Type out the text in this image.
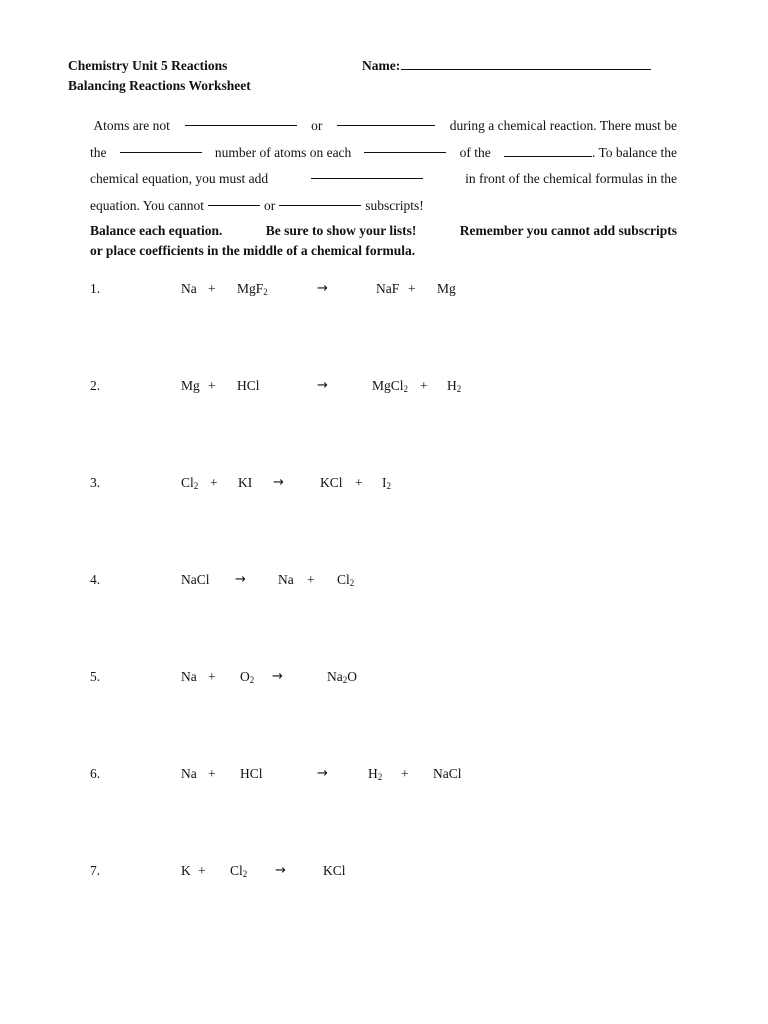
Chemistry Unit 5 Reactions
Balancing Reactions Worksheet
Name:
Atoms are not	or	during a chemical reaction. There must be
the	number of atoms on each	of the	. To balance the
chemical equation, you must add	in front of the chemical formulas in the
equation. You cannot	or	subscripts!
Balance each equation.	Be sure to show your lists!	Remember you cannot add subscripts
or place coefficients in the middle of a chemical formula.
1.	Na + MgF$_2$	→	NaF + Mg
2.	Mg + HCl	→	MgCl$_2$ + $H_2$
3.	$Cl_2$ + KI →	KCl + $I_2$
4.	NaCl → $Na + Cl_2$
5.	$Na + O_2$ →	$Na_2O$
6.	Na + HCl	→	$H_2$ + NaCl
7.	$K + Cl_2$ →	KCl
